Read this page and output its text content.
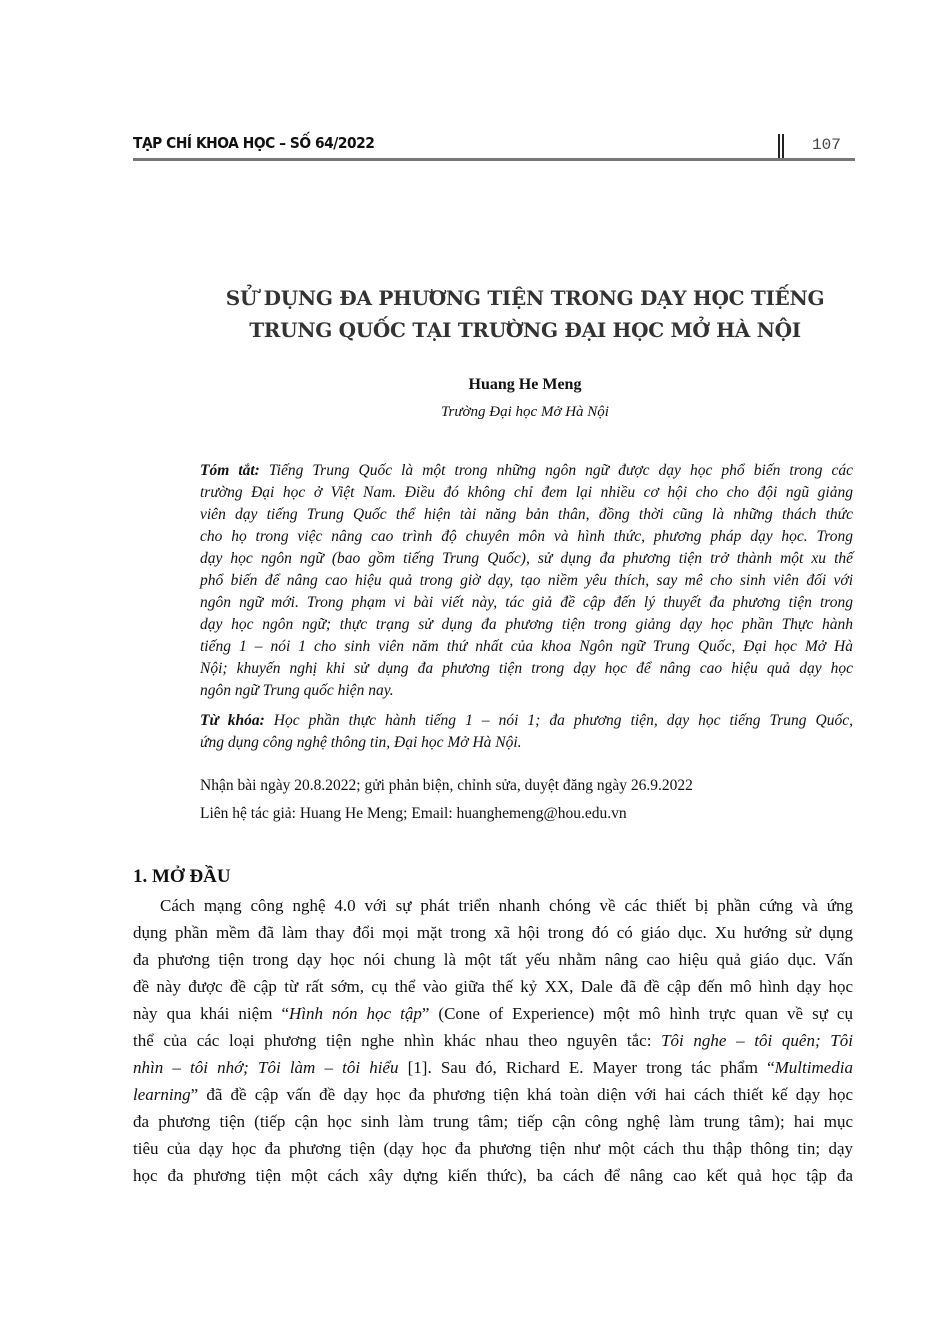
TẠP CHÍ KHOA HỌC – SỐ 64/2022	107
SỬ DỤNG ĐA PHƯƠNG TIỆN TRONG DẠY HỌC TIẾNG
TRUNG QUỐC TẠI TRƯỜNG ĐẠI HỌC MỞ HÀ NỘI
Huang He Meng
Trường Đại học Mở Hà Nội
Tóm tắt: Tiếng Trung Quốc là một trong những ngôn ngữ được dạy học phổ biến trong các
trường Đại học ở Việt Nam. Điều đó không chỉ đem lại nhiều cơ hội cho cho đội ngũ giảng
viên dạy tiếng Trung Quốc thể hiện tài năng bản thân, đồng thời cũng là những thách thức
cho họ trong việc nâng cao trình độ chuyên môn và hình thức, phương pháp dạy học. Trong
dạy học ngôn ngữ (bao gồm tiếng Trung Quốc), sử dụng đa phương tiện trở thành một xu thế
phổ biến để nâng cao hiệu quả trong giờ dạy, tạo niềm yêu thích, say mê cho sinh viên đối với
ngôn ngữ mới. Trong phạm vi bài viết này, tác giả đề cập đến lý thuyết đa phương tiện trong
dạy học ngôn ngữ; thực trạng sử dụng đa phương tiện trong giảng dạy học phần Thực hành
tiếng 1 – nói 1 cho sinh viên năm thứ nhất của khoa Ngôn ngữ Trung Quốc, Đại học Mở Hà
Nội; khuyến nghị khi sử dụng đa phương tiện trong dạy học để nâng cao hiệu quả dạy học
ngôn ngữ Trung quốc hiện nay.
Từ khóa: Học phần thực hành tiếng 1 – nói 1; đa phương tiện, dạy học tiếng Trung Quốc,
ứng dụng công nghệ thông tin, Đại học Mở Hà Nội.
Nhận bài ngày 20.8.2022; gửi phản biện, chỉnh sửa, duyệt đăng ngày 26.9.2022
Liên hệ tác giả: Huang He Meng; Email: huanghemeng@hou.edu.vn
1. MỞ ĐẦU
Cách mạng công nghệ 4.0 với sự phát triển nhanh chóng về các thiết bị phần cứng và ứng
dụng phần mềm đã làm thay đổi mọi mặt trong xã hội trong đó có giáo dục. Xu hướng sử dụng
đa phương tiện trong dạy học nói chung là một tất yếu nhằm nâng cao hiệu quả giáo dục. Vấn
đề này được đề cập từ rất sớm, cụ thể vào giữa thế kỷ XX, Dale đã đề cập đến mô hình dạy học
này qua khái niệm “Hình nón học tập” (Cone of Experience) một mô hình trực quan về sự cụ
thể của các loại phương tiện nghe nhìn khác nhau theo nguyên tắc: Tôi nghe – tôi quên; Tôi
nhìn – tôi nhớ; Tôi làm – tôi hiểu [1]. Sau đó, Richard E. Mayer trong tác phẩm “Multimedia
learning” đã đề cập vấn đề dạy học đa phương tiện khá toàn diện với hai cách thiết kế dạy học
đa phương tiện (tiếp cận học sinh làm trung tâm; tiếp cận công nghệ làm trung tâm); hai mục
tiêu của dạy học đa phương tiện (dạy học đa phương tiện như một cách thu thập thông tin; dạy
học đa phương tiện một cách xây dựng kiến thức), ba cách để nâng cao kết quả học tập đa
